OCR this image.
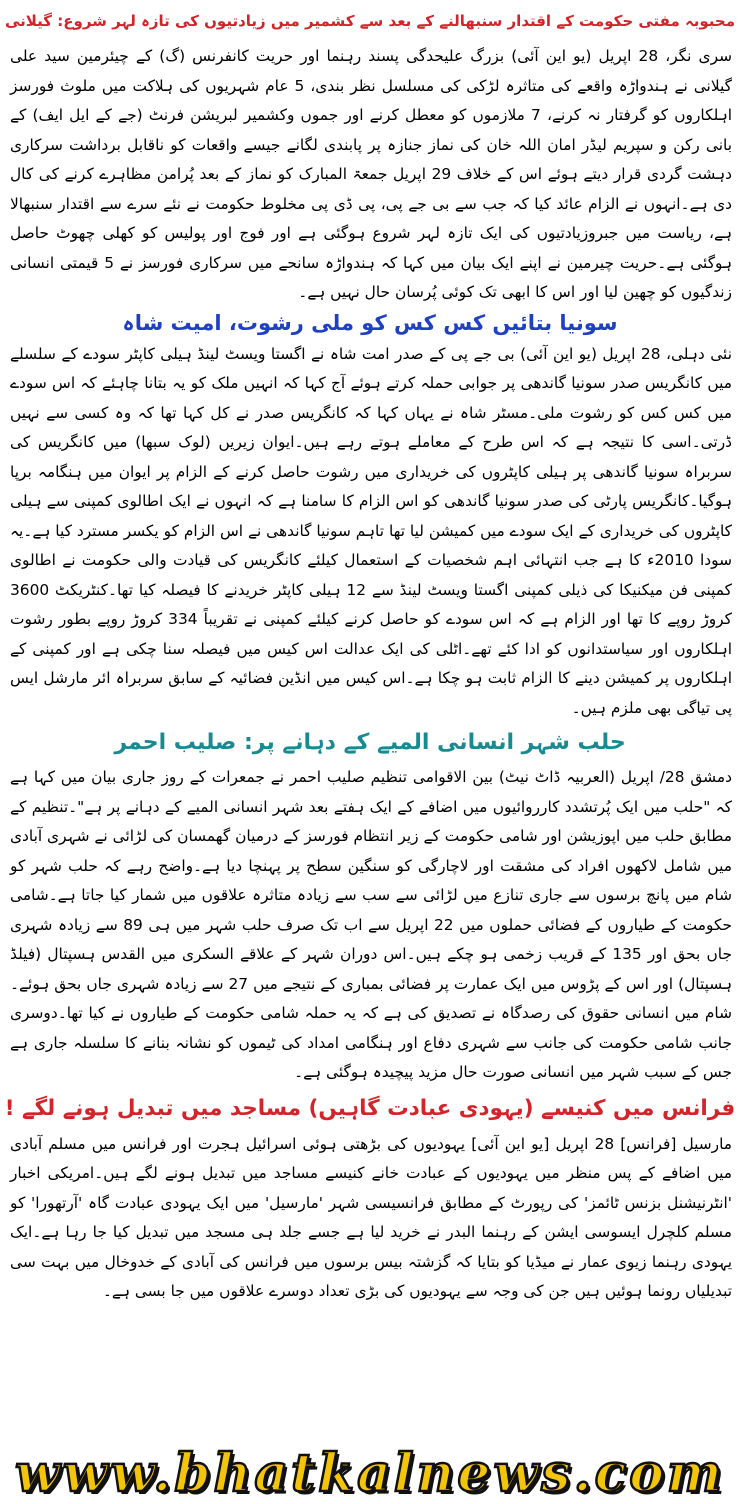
محبوبہ مفتی حکومت کے اقتدار سنبھالنے کے بعد سے کشمیر میں زیادتیوں کی تازہ لہر شروع: گیلانی

سری نگر، 28 اپریل (یو این آئی) بزرگ علیحدگی پسند رہنما اور حریت کانفرنس (گ) کے چیئرمین سید علی گیلانی نے ہندواڑہ واقعے کی متاثرہ لڑکی کی مسلسل نظر بندی، 5 عام شہریوں کی ہلاکت میں ملوث فورسز اہلکاروں کو گرفتار نہ کرنے، 7 ملازموں کو معطل کرنے اور جموں وکشمیر لبریشن فرنٹ (جے کے ایل ایف) کے بانی رکن و سپریم لیڈر امان اللہ خان کی نماز جنازہ پر پابندی لگانے جیسے واقعات کو ناقابل برداشت سرکاری دہشت گردی قرار دیتے ہوئے اس کے خلاف 29 اپریل جمعۃ المبارک کو نماز کے بعد پُرامن مظاہرے کرنے کی کال دی ہے۔انہوں نے الزام عائد کیا کہ جب سے بی جے پی، پی ڈی پی مخلوط حکومت نے نئے سرے سے اقتدار سنبھالا ہے، ریاست میں جبروزیادتیوں کی ایک تازہ لہر شروع ہوگئی ہے اور فوج اور پولیس کو کھلی چھوٹ حاصل ہوگئی ہے۔حریت چیرمین نے اپنے ایک بیان میں کہا کہ ہندواڑہ سانحے میں سرکاری فورسز نے 5 قیمتی انسانی زندگیوں کو چھین لیا اور اس کا ابھی تک کوئی پُرسان حال نہیں ہے۔

سونیا بتائیں کس کس کو ملی رشوت، امیت شاہ

نئی دہلی، 28 اپریل (یو این آئی) بی جے پی کے صدر امت شاہ نے اگستا ویسٹ لینڈ ہیلی کاپٹر سودے کے سلسلے میں کانگریس صدر سونیا گاندھی پر جوابی حملہ کرتے ہوئے آج کہا کہ انہیں ملک کو یہ بتانا چاہئے کہ اس سودے میں کس کس کو رشوت ملی۔مسٹر شاہ نے یہاں کہا کہ کانگریس صدر نے کل کہا تھا کہ وہ کسی سے نہیں ڈرتی۔اسی کا نتیجہ ہے کہ اس طرح کے معاملے ہوتے رہے ہیں۔ایوان زیریں (لوک سبھا) میں کانگریس کی سربراہ سونیا گاندھی پر ہیلی کاپٹروں کی خریداری میں رشوت حاصل کرنے کے الزام پر ایوان میں ہنگامہ برپا ہوگیا۔کانگریس پارٹی کی صدر سونیا گاندھی کو اس الزام کا سامنا ہے کہ انہوں نے ایک اطالوی کمپنی سے ہیلی کاپٹروں کی خریداری کے ایک سودے میں کمیشن لیا تھا تاہم سونیا گاندھی نے اس الزام کو یکسر مسترد کیا ہے۔یہ سودا 2010ء کا ہے جب انتہائی اہم شخصیات کے استعمال کیلئے کانگریس کی قیادت والی حکومت نے اطالوی کمپنی فن میکنیکا کی ذیلی کمپنی اگستا ویسٹ لینڈ سے 12 ہیلی کاپٹر خریدنے کا فیصلہ کیا تھا۔کنٹریکٹ 3600 کروڑ روپے کا تھا اور الزام ہے کہ اس سودے کو حاصل کرنے کیلئے کمپنی نے تقریباً 334 کروڑ روپے بطور رشوت اہلکاروں اور سیاستدانوں کو ادا کئے تھے۔اٹلی کی ایک عدالت اس کیس میں فیصلہ سنا چکی ہے اور کمپنی کے اہلکاروں پر کمیشن دینے کا الزام ثابت ہو چکا ہے۔اس کیس میں انڈین فضائیہ کے سابق سربراہ ائر مارشل ایس پی تیاگی بھی ملزم ہیں۔

حلب شہر انسانی المیے کے دہانے پر: صلیب احمر

دمشق 28/ اپریل (العربیہ ڈاٹ نیٹ) بین الاقوامی تنظیم صلیب احمر نے جمعرات کے روز جاری بیان میں کہا ہے کہ "حلب میں ایک پُرتشدد کارروائیوں میں اضافے کے ایک ہفتے بعد شہر انسانی المیے کے دہانے پر ہے"۔تنظیم کے مطابق حلب میں اپوزیشن اور شامی حکومت کے زیر انتظام فورسز کے درمیان گھمسان کی لڑائی نے شہری آبادی میں شامل لاکھوں افراد کی مشقت اور لاچارگی کو سنگین سطح پر پہنچا دیا ہے۔واضح رہے کہ حلب شہر کو شام میں پانچ برسوں سے جاری تنازع میں لڑائی سے سب سے زیادہ متاثرہ علاقوں میں شمار کیا جاتا ہے۔شامی حکومت کے طیاروں کے فضائی حملوں میں 22 اپریل سے اب تک صرف حلب شہر میں ہی 89 سے زیادہ شہری جاں بحق اور 135 کے قریب زخمی ہو چکے ہیں۔اس دوران شہر کے علاقے السکری میں القدس ہسپتال (فیلڈ ہسپتال) اور اس کے پڑوس میں ایک عمارت پر فضائی بمباری کے نتیجے میں 27 سے زیادہ شہری جاں بحق ہوئے۔شام میں انسانی حقوق کی رصدگاہ نے تصدیق کی ہے کہ یہ حملہ شامی حکومت کے طیاروں نے کیا تھا۔دوسری جانب شامی حکومت کی جانب سے شہری دفاع اور ہنگامی امداد کی ٹیموں کو نشانہ بنانے کا سلسلہ جاری ہے جس کے سبب شہر میں انسانی صورت حال مزید پیچیدہ ہوگئی ہے۔

فرانس میں کنیسے (یہودی عبادت گاہیں) مساجد میں تبدیل ہونے لگے !

مارسیل [فرانس] 28 اپریل [یو این آئی] یہودیوں کی بڑھتی ہوئی اسرائیل ہجرت اور فرانس میں مسلم آبادی میں اضافے کے پس منظر میں یہودیوں کے عبادت خانے کنیسے مساجد میں تبدیل ہونے لگے ہیں۔امریکی اخبار 'انٹرنیشنل بزنس ٹائمز' کی رپورٹ کے مطابق فرانسیسی شہر 'مارسیل' میں ایک یہودی عبادت گاہ 'آرتھورا' کو مسلم کلچرل ایسوسی ایشن کے رہنما البدر نے خرید لیا ہے جسے جلد ہی مسجد میں تبدیل کیا جا رہا ہے۔ایک یہودی رہنما زیوی عمار نے میڈیا کو بتایا کہ گزشتہ بیس برسوں میں فرانس کی آبادی کے خدوخال میں بہت سی تبدیلیاں رونما ہوئیں ہیں جن کی وجہ سے یہودیوں کی بڑی تعداد دوسرے علاقوں میں جا بسی ہے۔

www.bhatkalnews.com
